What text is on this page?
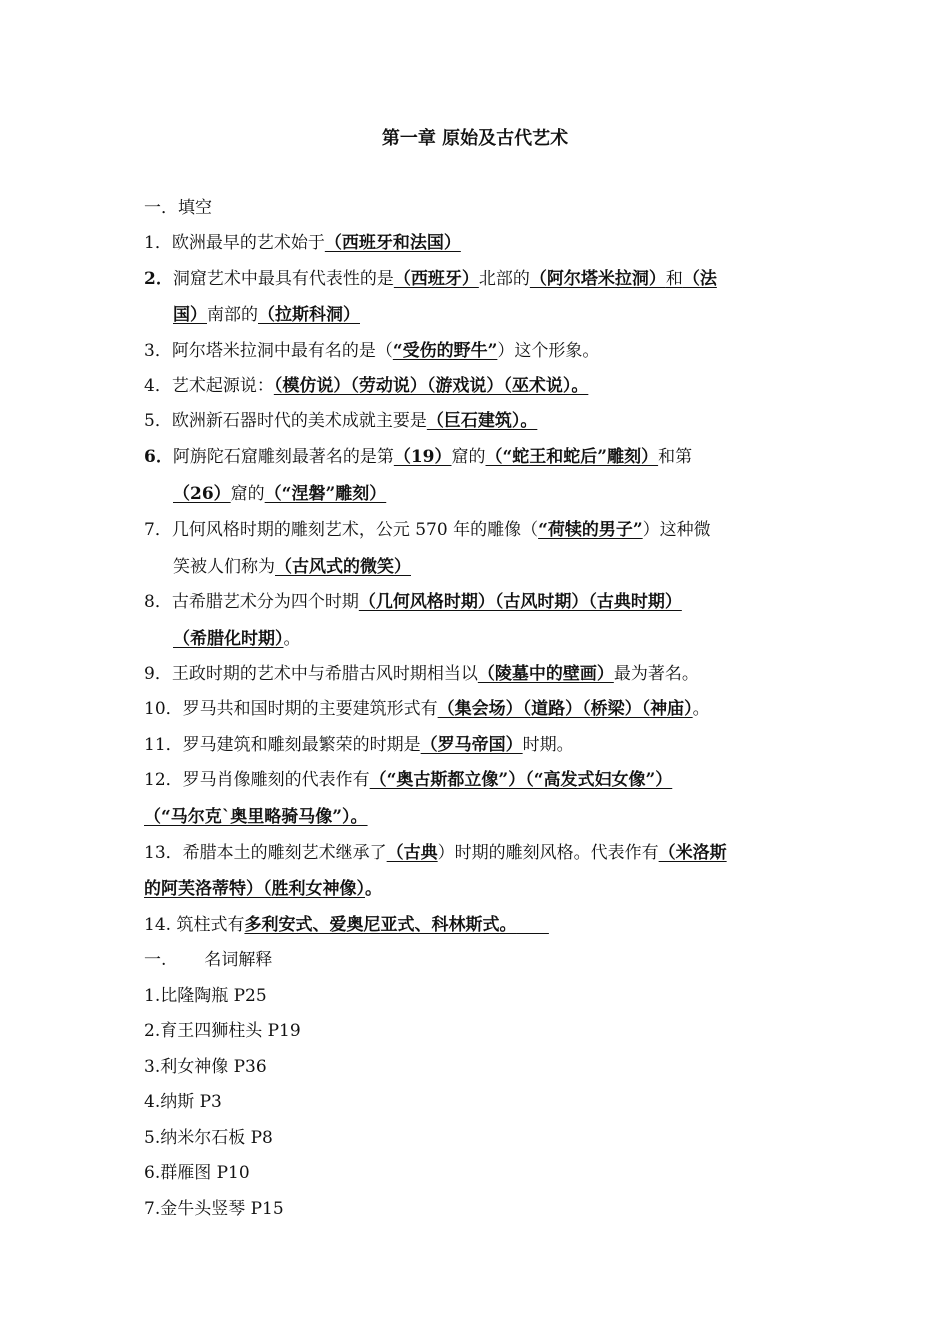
第一章 原始及古代艺术
一．填空
1．欧洲最早的艺术始于（西班牙和法国）
2．洞窟艺术中最具有代表性的是（西班牙）北部的（阿尔塔米拉洞）和（法
国）南部的（拉斯科洞）
3．阿尔塔米拉洞中最有名的是（“受伤的野牛”）这个形象。
4．艺术起源说：（模仿说）（劳动说）（游戏说）（巫术说）。
5．欧洲新石器时代的美术成就主要是（巨石建筑）。
6．阿旃陀石窟雕刻最著名的是第（19）窟的（“蛇王和蛇后”雕刻）和第
（26）窟的（“涅磐”雕刻）
7．几何风格时期的雕刻艺术，公元 570 年的雕像（“荷犊的男子”）这种微
笑被人们称为（古风式的微笑）
8．古希腊艺术分为四个时期（几何风格时期）（古风时期）（古典时期）
（希腊化时期）。
9．王政时期的艺术中与希腊古风时期相当以（陵墓中的壁画）最为著名。
10．罗马共和国时期的主要建筑形式有（集会场）（道路）（桥梁）（神庙）。
11．罗马建筑和雕刻最繁荣的时期是（罗马帝国）时期。
12．罗马肖像雕刻的代表作有（“奥古斯都立像”）（“高发式妇女像”）
（“马尔克`奥里略骑马像”）。
13．希腊本土的雕刻艺术继承了（古典）时期的雕刻风格。代表作有（米洛斯
的阿芙洛蒂特）（胜利女神像）。
14. 筑柱式有多利安式、爱奥尼亚式、科林斯式。
一. 名词解释
1.比隆陶瓶 P25
2.育王四狮柱头 P19
3.利女神像 P36
4.纳斯 P3
5.纳米尔石板 P8
6.群雁图 P10
7.金牛头竖琴 P15
